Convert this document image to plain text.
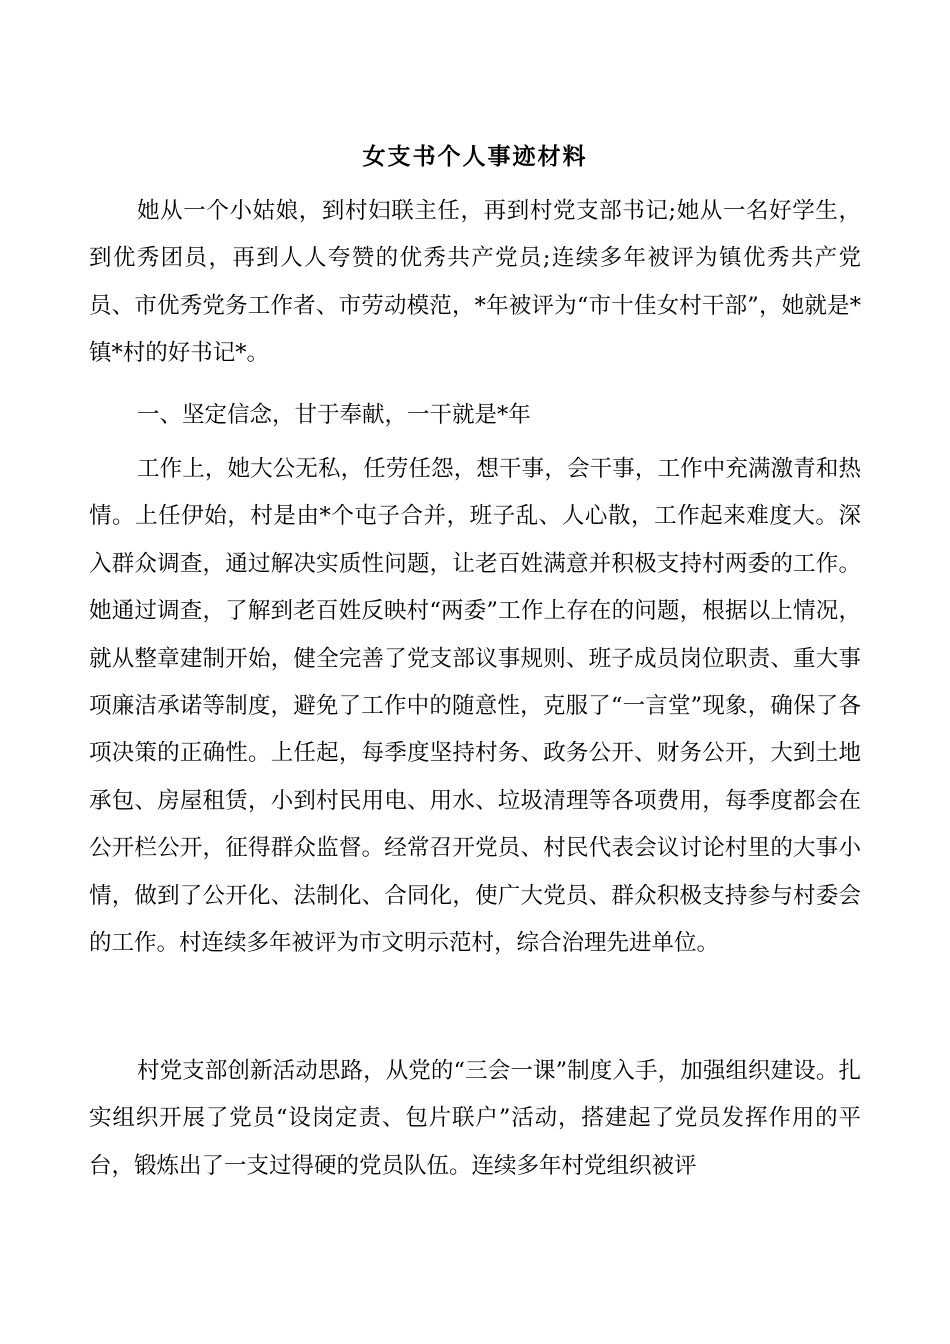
女支书个人事迹材料

她从一个小姑娘，到村妇联主任，再到村党支部书记;她从一名好学生，到优秀团员，再到人人夸赞的优秀共产党员;连续多年被评为镇优秀共产党员、市优秀党务工作者、市劳动模范，*年被评为“市十佳女村干部”，她就是*镇*村的好书记*。

一、坚定信念，甘于奉献，一干就是*年

工作上，她大公无私，任劳任怨，想干事，会干事，工作中充满激青和热情。上任伊始，村是由*个屯子合并，班子乱、人心散，工作起来难度大。深入群众调查，通过解决实质性问题，让老百姓满意并积极支持村两委的工作。她通过调查，了解到老百姓反映村“两委”工作上存在的问题，根据以上情况，就从整章建制开始，健全完善了党支部议事规则、班子成员岗位职责、重大事项廉洁承诺等制度，避免了工作中的随意性，克服了“一言堂”现象，确保了各项决策的正确性。上任起，每季度坚持村务、政务公开、财务公开，大到土地承包、房屋租赁，小到村民用电、用水、垃圾清理等各项费用，每季度都会在公开栏公开，征得群众监督。经常召开党员、村民代表会议讨论村里的大事小情，做到了公开化、法制化、合同化，使广大党员、群众积极支持参与村委会的工作。村连续多年被评为市文明示范村，综合治理先进单位。

村党支部创新活动思路，从党的“三会一课”制度入手，加强组织建设。扎实组织开展了党员“设岗定责、包片联户”活动，搭建起了党员发挥作用的平台，锻炼出了一支过得硬的党员队伍。连续多年村党组织被评
